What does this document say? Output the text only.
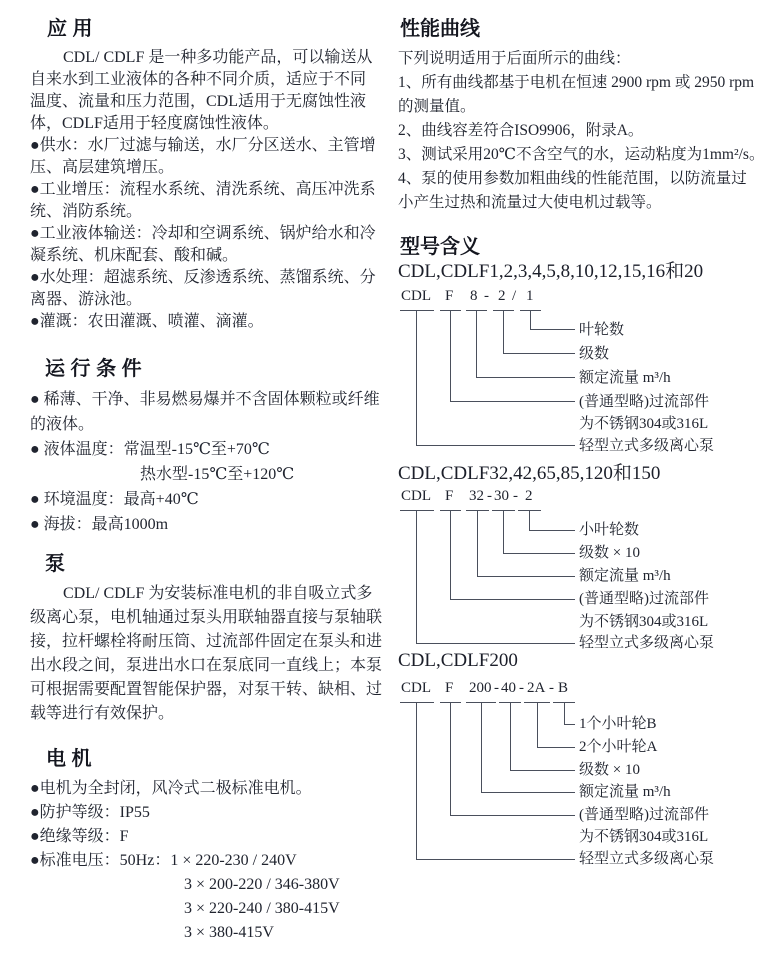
应 用

CDL/ CDLF 是一种多功能产品，可以输送从

自来水到工业液体的各种不同介质，适应于不同

温度、流量和压力范围，CDL适用于无腐蚀性液

体，CDLF适用于轻度腐蚀性液体。

●供水：水厂过滤与输送，水厂分区送水、主管增

压、高层建筑增压。

●工业增压：流程水系统、清洗系统、高压冲洗系

统、消防系统。

●工业液体输送：冷却和空调系统、锅炉给水和冷

凝系统、机床配套、酸和碱。

●水处理：超滤系统、反渗透系统、蒸馏系统、分

离器、游泳池。

●灌溉：农田灌溉、喷灌、滴灌。

运 行 条 件

● 稀薄、干净、非易燃易爆并不含固体颗粒或纤维

的液体。

● 液体温度：常温型-15℃至+70℃

热水型-15℃至+120℃

● 环境温度：最高+40℃

● 海拔：最高1000m

泵

CDL/ CDLF 为安装标准电机的非自吸立式多

级离心泵，电机轴通过泵头用联轴器直接与泵轴联

接，拉杆螺栓将耐压筒、过流部件固定在泵头和进

出水段之间，泵进出水口在泵底同一直线上；本泵

可根据需要配置智能保护器，对泵干转、缺相、过

载等进行有效保护。

电 机

●电机为全封闭，风冷式二极标准电机。

●防护等级：IP55

●绝缘等级：F

●标准电压：50Hz：1 × 220-230 / 240V

3 × 200-220 / 346-380V

3 × 220-240 / 380-415V

3 × 380-415V

性能曲线

下列说明适用于后面所示的曲线：

1、所有曲线都基于电机在恒速 2900 rpm 或 2950 rpm

的测量值。

2、曲线容差符合ISO9906，附录A。

3、测试采用20℃不含空气的水，运动粘度为1mm²/s。

4、泵的使用参数加粗曲线的性能范围，以防流量过

小产生过热和流量过大使电机过载等。

型号含义
CDL,CDLF1,2,3,4,5,8,10,12,15,16和20
CDL F 8 - 2 / 1
叶轮数
级数
额定流量 m³/h
(普通型略)过流部件
为不锈钢304或316L
轻型立式多级离心泵
CDL,CDLF32,42,65,85,120和150
CDL F 32 - 30 - 2
小叶轮数
级数 × 10
额定流量 m³/h
(普通型略)过流部件
为不锈钢304或316L
轻型立式多级离心泵
CDL,CDLF200
CDL F 200 - 40 - 2A - B
1个小叶轮B
2个小叶轮A
级数 × 10
额定流量 m³/h
(普通型略)过流部件
为不锈钢304或316L
轻型立式多级离心泵
